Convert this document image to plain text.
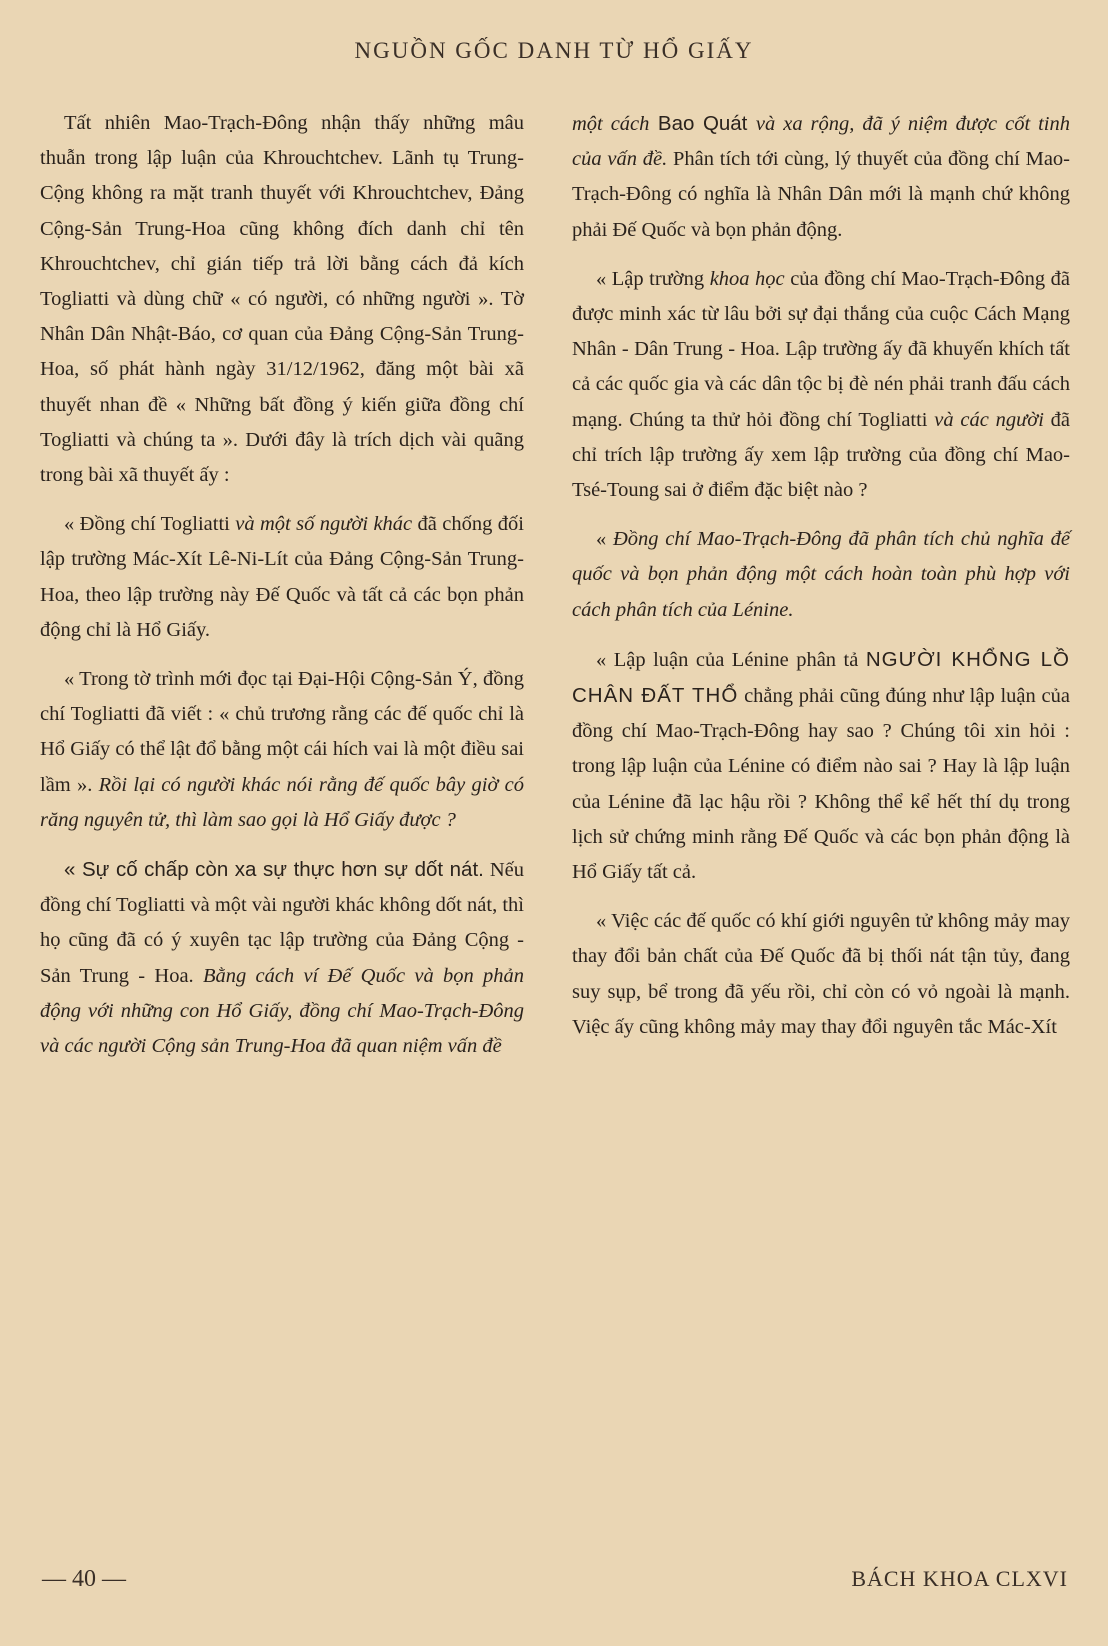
NGUỒN GỐC DANH TỪ HỔ GIẤY

Tất nhiên Mao-Trạch-Đông nhận thấy những mâu thuẫn trong lập luận của Khrouchtchev. Lãnh tụ Trung-Cộng không ra mặt tranh thuyết với Khrouchtchev, Đảng Cộng-Sản Trung-Hoa cũng không đích danh chỉ tên Khrouchtchev, chỉ gián tiếp trả lời bằng cách đả kích Togliatti và dùng chữ « có người, có những người ». Tờ Nhân Dân Nhật-Báo, cơ quan của Đảng Cộng-Sản Trung-Hoa, số phát hành ngày 31/12/1962, đăng một bài xã thuyết nhan đề « Những bất đồng ý kiến giữa đồng chí Togliatti và chúng ta ». Dưới đây là trích dịch vài quãng trong bài xã thuyết ấy :

« Đồng chí Togliatti và một số người khác đã chống đối lập trường Mác-Xít Lê-Ni-Lít của Đảng Cộng-Sản Trung-Hoa, theo lập trường này Đế Quốc và tất cả các bọn phản động chỉ là Hổ Giấy.

« Trong tờ trình mới đọc tại Đại-Hội Cộng-Sản Ý, đồng chí Togliatti đã viết : « chủ trương rằng các đế quốc chỉ là Hổ Giấy có thể lật đổ bằng một cái hích vai là một điều sai lầm ». Rồi lại có người khác nói rằng đế quốc bây giờ có răng nguyên tử, thì làm sao gọi là Hổ Giấy được ?

« Sự cố chấp còn xa sự thực hơn sự dốt nát. Nếu đồng chí Togliatti và một vài người khác không dốt nát, thì họ cũng đã có ý xuyên tạc lập trường của Đảng Cộng - Sản Trung - Hoa. Bằng cách ví Đế Quốc và bọn phản động với những con Hổ Giấy, đồng chí Mao-Trạch-Đông và các người Cộng sản Trung-Hoa đã quan niệm vấn đề

một cách Bao Quát và xa rộng, đã ý niệm được cốt tinh của vấn đề. Phân tích tới cùng, lý thuyết của đồng chí Mao-Trạch-Đông có nghĩa là Nhân Dân mới là mạnh chứ không phải Đế Quốc và bọn phản động.

« Lập trường khoa học của đồng chí Mao-Trạch-Đông đã được minh xác từ lâu bởi sự đại thắng của cuộc Cách Mạng Nhân - Dân Trung - Hoa. Lập trường ấy đã khuyến khích tất cả các quốc gia và các dân tộc bị đè nén phải tranh đấu cách mạng. Chúng ta thử hỏi đồng chí Togliatti và các người đã chỉ trích lập trường ấy xem lập trường của đồng chí Mao-Tsé-Toung sai ở điểm đặc biệt nào ?

« Đồng chí Mao-Trạch-Đông đã phân tích chủ nghĩa đế quốc và bọn phản động một cách hoàn toàn phù hợp với cách phân tích của Lénine.

« Lập luận của Lénine phân tả NGƯỜI KHỔNG LỒ CHÂN ĐẤT THỔ chẳng phải cũng đúng như lập luận của đồng chí Mao-Trạch-Đông hay sao ? Chúng tôi xin hỏi : trong lập luận của Lénine có điểm nào sai ? Hay là lập luận của Lénine đã lạc hậu rồi ? Không thể kể hết thí dụ trong lịch sử chứng minh rằng Đế Quốc và các bọn phản động là Hổ Giấy tất cả.

« Việc các đế quốc có khí giới nguyên tử không mảy may thay đổi bản chất của Đế Quốc đã bị thối nát tận tủy, đang suy sụp, bể trong đã yếu rồi, chỉ còn có vỏ ngoài là mạnh. Việc ấy cũng không mảy may thay đổi nguyên tắc Mác-Xít

— 40 —	BÁCH KHOA CLXVI
